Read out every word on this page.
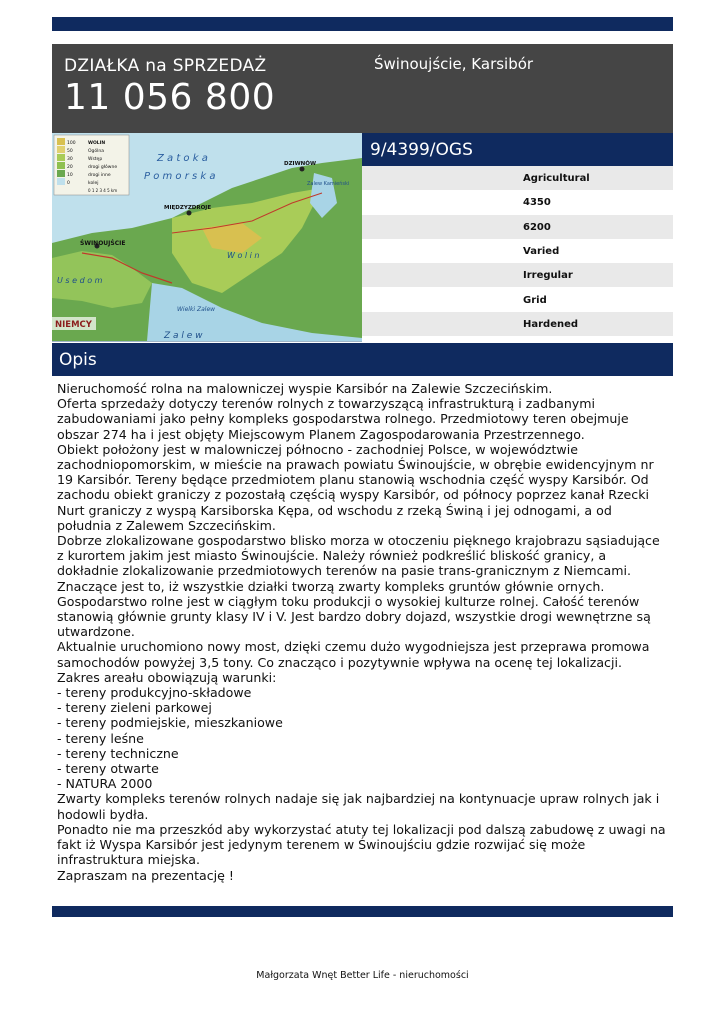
DZIAŁKA na SPRZEDAŻ
11 056 800
Świnoujście, Karsibór
100
50
30
20
10
0
WOLIN
Ogólna
Wstęp
drogi główne
drogi inne
kolej
0 1 2 3 4 5 km
Z a t o k a
P o m o r s k a
ŚWINOUJŚCIE
MIĘDZYZDROJE
DZIWNÓW
Zalew Kamieński
W o l i n
U s e d o m
Wielki Zalew
Z a l e w
NIEMCY
9/4399/OGS
Agricultural
4350
6200
Varied
Irregular
Grid
Hardened
Opis

Nieruchomość rolna na malowniczej wyspie Karsibór na Zalewie Szczecińskim.

Oferta sprzedaży dotyczy terenów rolnych z towarzyszącą infrastrukturą i zadbanymi zabudowaniami jako pełny kompleks gospodarstwa rolnego. Przedmiotowy teren obejmuje obszar 274 ha i jest objęty Miejscowym Planem Zagospodarowania Przestrzennego.

Obiekt położony jest w malowniczej północno - zachodniej Polsce, w województwie zachodniopomorskim, w mieście na prawach powiatu Świnoujście, w obrębie ewidencyjnym nr 19 Karsibór. Tereny będące przedmiotem planu stanowią wschodnia część wyspy Karsibór. Od zachodu obiekt graniczy z pozostałą częścią wyspy Karsibór, od północy poprzez kanał Rzecki Nurt graniczy z wyspą Karsiborska Kępa, od wschodu z rzeką Świną i jej odnogami, a od południa z Zalewem Szczecińskim.

Dobrze zlokalizowane gospodarstwo blisko morza w otoczeniu pięknego krajobrazu sąsiadujące z kurortem jakim jest miasto Świnoujście. Należy również podkreślić bliskość granicy, a dokładnie zlokalizowanie przedmiotowych terenów na pasie trans-granicznym z Niemcami.

Znaczące jest to, iż wszystkie działki tworzą zwarty kompleks gruntów głównie ornych.

Gospodarstwo rolne jest w ciągłym toku produkcji o wysokiej kulturze rolnej. Całość terenów stanowią głównie grunty klasy IV i V. Jest bardzo dobry dojazd, wszystkie drogi wewnętrzne są utwardzone.

Aktualnie uruchomiono nowy most, dzięki czemu dużo wygodniejsza jest przeprawa promowa samochodów powyżej 3,5 tony. Co znacząco i pozytywnie wpływa na ocenę tej lokalizacji.

Zakres areału obowiązują warunki:

- tereny produkcyjno-składowe

- tereny zieleni parkowej

- tereny podmiejskie, mieszkaniowe

- tereny leśne

- tereny techniczne

- tereny otwarte

- NATURA 2000

Zwarty kompleks terenów rolnych nadaje się jak najbardziej na kontynuacje upraw rolnych jak i hodowli bydła.

Ponadto nie ma przeszkód aby wykorzystać atuty tej lokalizacji pod dalszą zabudowę z uwagi na fakt iż Wyspa Karsibór jest jedynym terenem w Świnoujściu gdzie rozwijać się może infrastruktura miejska.

Zapraszam na prezentację !

Małgorzata Wnęt Better Life - nieruchomości
